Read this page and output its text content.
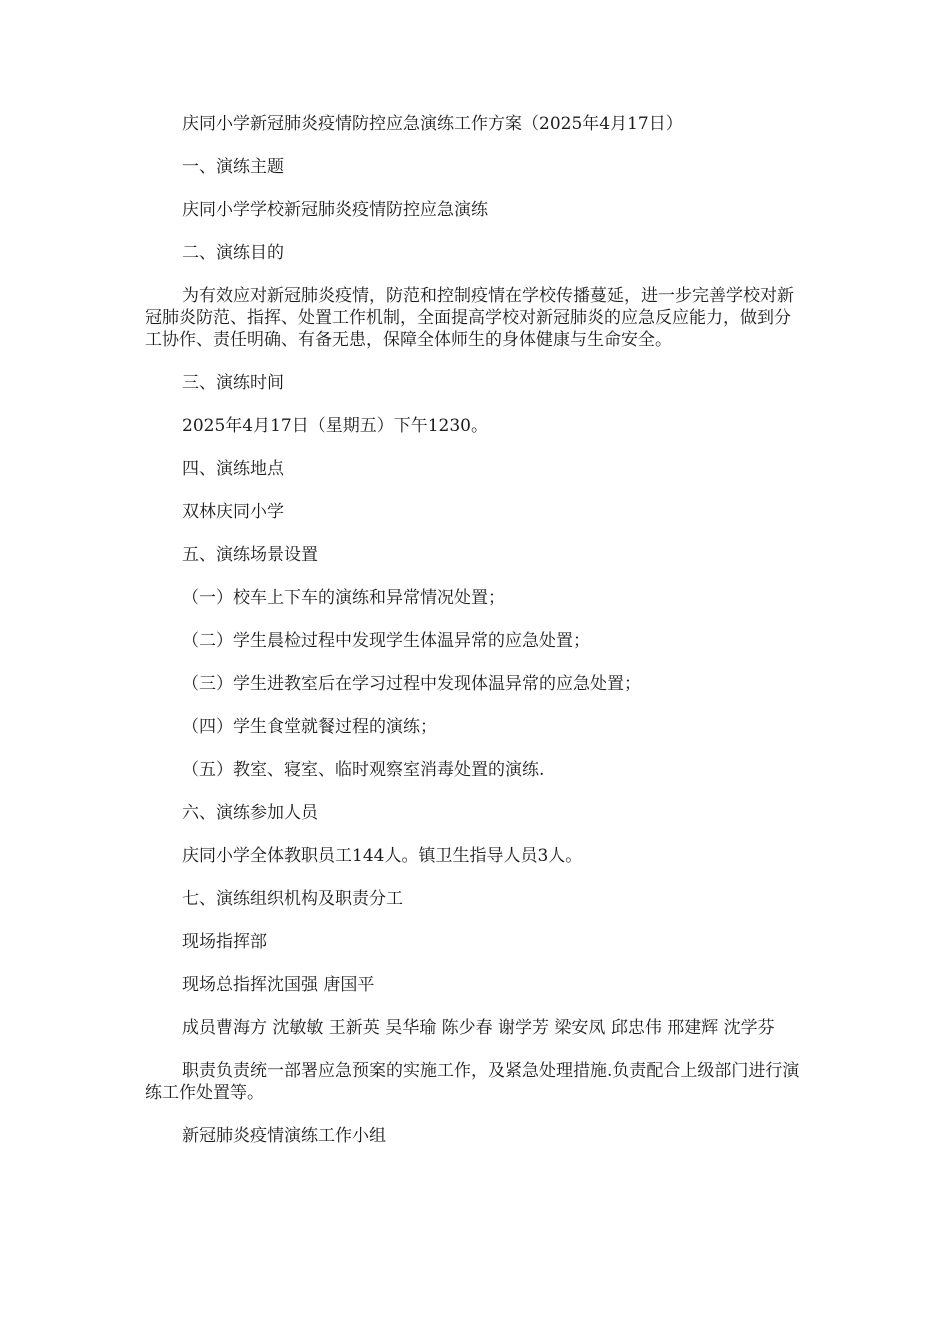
庆同小学新冠肺炎疫情防控应急演练工作方案（2025年4月17日）

一、演练主题

庆同小学学校新冠肺炎疫情防控应急演练

二、演练目的

为有效应对新冠肺炎疫情，防范和控制疫情在学校传播蔓延，进一步完善学校对新冠肺炎防范、指挥、处置工作机制，全面提高学校对新冠肺炎的应急反应能力，做到分工协作、责任明确、有备无患，保障全体师生的身体健康与生命安全。

三、演练时间

2025年4月17日（星期五）下午1230。

四、演练地点

双林庆同小学

五、演练场景设置

（一）校车上下车的演练和异常情况处置；

（二）学生晨检过程中发现学生体温异常的应急处置；

（三）学生进教室后在学习过程中发现体温异常的应急处置；

（四）学生食堂就餐过程的演练；

（五）教室、寝室、临时观察室消毒处置的演练.

六、演练参加人员

庆同小学全体教职员工144人。镇卫生指导人员3人。

七、演练组织机构及职责分工

现场指挥部

现场总指挥沈国强 唐国平

成员曹海方 沈敏敏 王新英 吴华瑜 陈少春 谢学芳 梁安凤 邱忠伟 邢建辉 沈学芬

职责负责统一部署应急预案的实施工作，及紧急处理措施.负责配合上级部门进行演练工作处置等。

新冠肺炎疫情演练工作小组
